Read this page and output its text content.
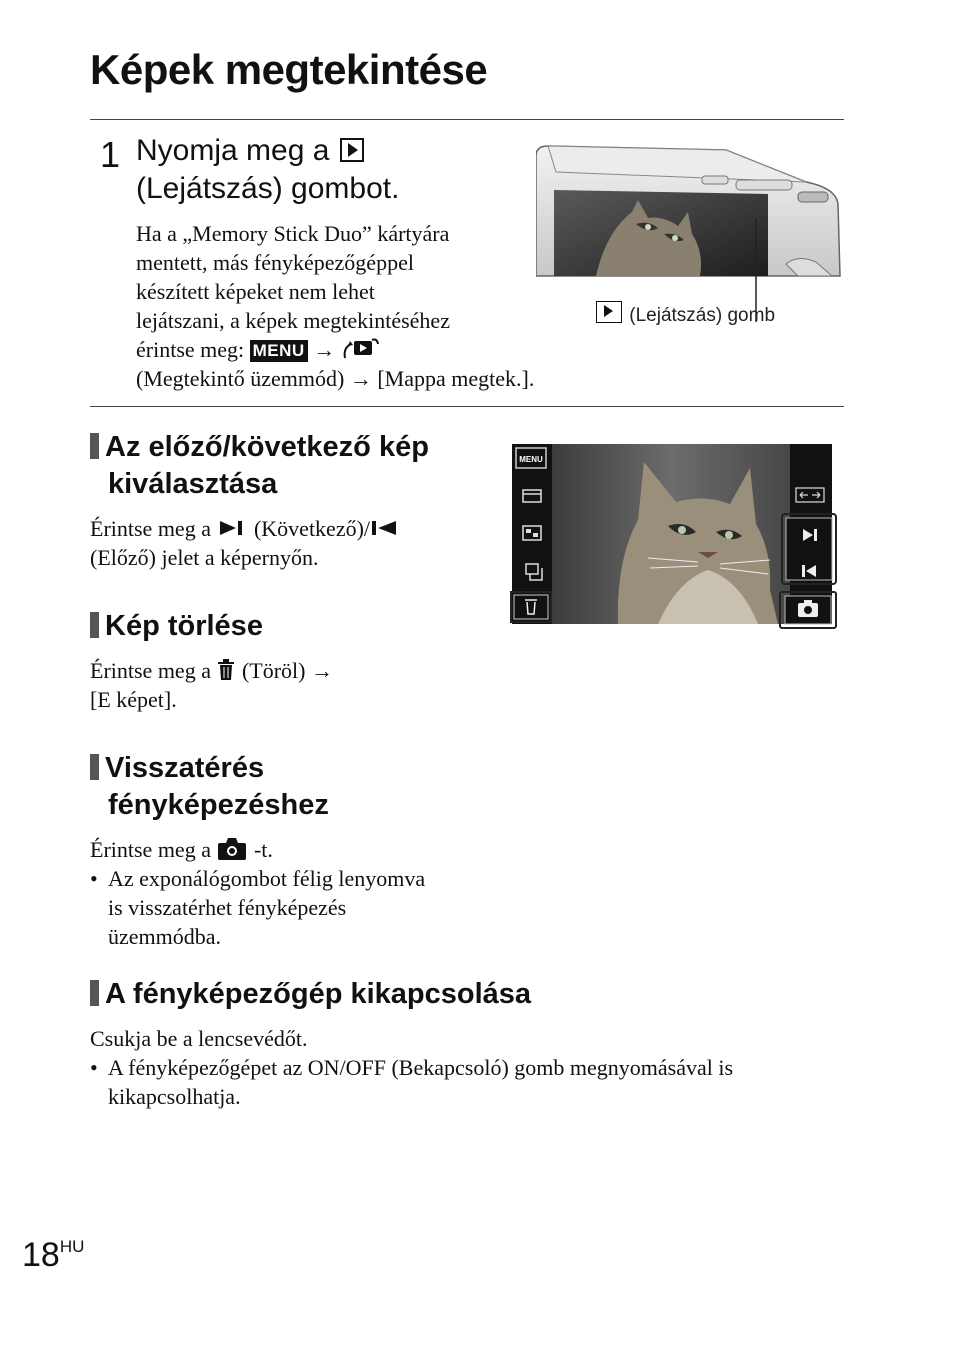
Képek megtekintése
1 Nyomja meg a
(Lejátszás) gombot.
Ha a „Memory Stick Duo” kártyára
mentett, más fényképezőgéppel
készített képeket nem lehet
lejátszani, a képek megtekintéséhez
érintse meg: MENU →
(Megtekintő üzemmód) → [Mappa megtek.].
(Lejátszás) gomb
Az előző/következő kép
kiválasztása
Érintse meg a (Következő)/
(Előző) jelet a képernyőn.
MENU
Kép törlése
Érintse meg a (Töröl) →
[E képet].
Visszatérés
fényképezéshez
Érintse meg a -t.
• Az exponálógombot félig lenyomva
is visszatérhet fényképezés
üzemmódba.
A fényképezőgép kikapcsolása
Csukja be a lencsevédőt.
• A fényképezőgépet az ON/OFF (Bekapcsoló) gomb megnyomásával is
kikapcsolhatja.
$18^{HU}$
